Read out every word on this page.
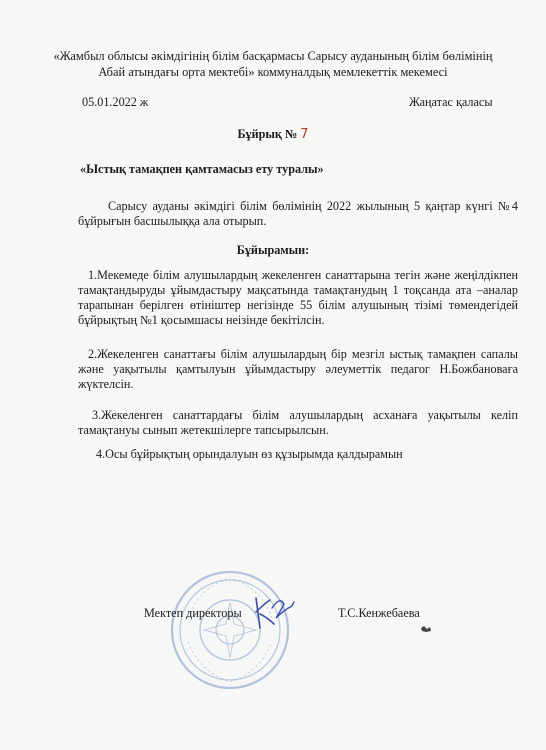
«Жамбыл облысы әкімдігінің білім басқармасы Сарысу ауданының білім бөлімінің
Абай атындағы орта мектебі» коммуналдық мемлекеттік мекемесі
05.01.2022 ж	Жаңатас қаласы
Бұйрық № 7
«Ыстық тамақпен қамтамасыз ету туралы»
Сарысу ауданы әкімдігі білім бөлімінің 2022 жылының 5 қаңтар күнгі №4 бұйрығын басшылыққа ала отырып.
Бұйырамын:
1.Мекемеде білім алушылардың жекеленген санаттарына тегін және жеңілдікпен тамақтандыруды ұйымдастыру мақсатында тамақтанудың 1 тоқсанда ата –аналар тарапынан берілген өтініштер негізінде 55 білім алушының тізімі төмендегідей бұйрықтың №1 қосымшасы неізінде бекітілсін.
2.Жекеленген санаттағы білім алушылардың бір мезгіл ыстық тамақпен сапалы және уақытылы қамтылуын ұйымдастыру әлеуметтік педагог Н.Божбановаға жүктелсін.
3.Жекеленген санаттардағы білім алушылардың асханаға уақытылы келіп тамақтануы сынып жетекшілерге тапсырылсын.
4.Осы бұйрықтың орындалуын өз құзырымда қалдырамын
Мектеп директоры	Т.С.Кенжебаева
